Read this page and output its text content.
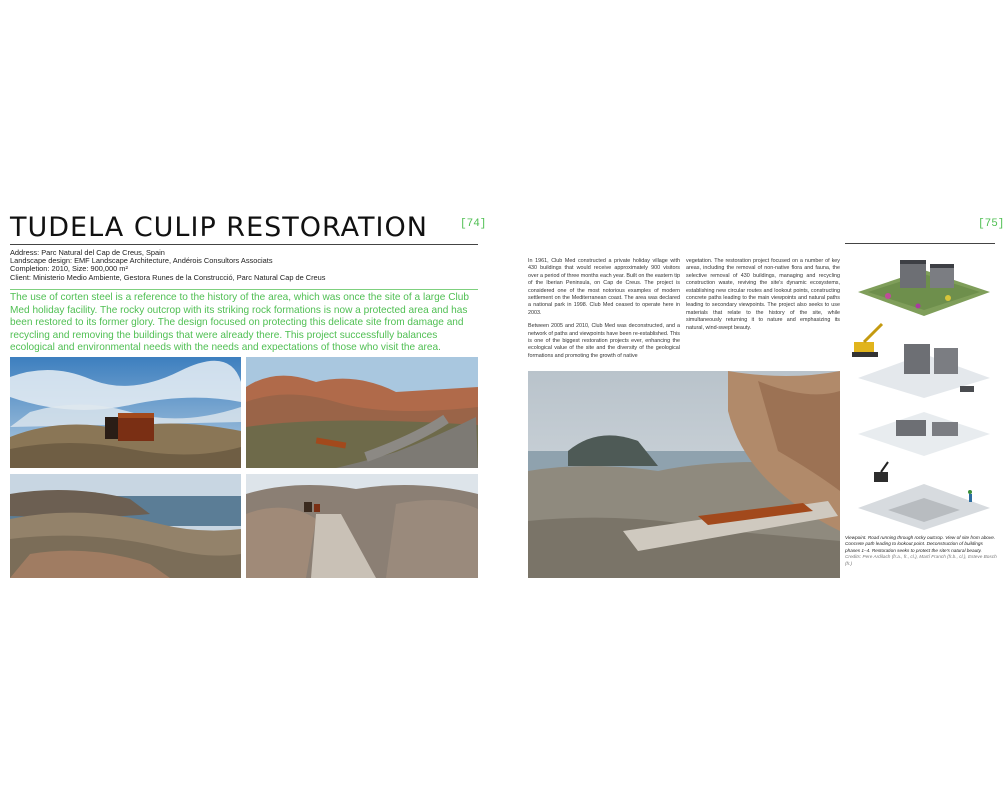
TUDELA CULIP RESTORATION	[74]
Address: Parc Natural del Cap de Creus, Spain
Landscape design: EMF Landscape Architecture, Andérois Consultors Associats
Completion: 2010, Size: 900,000 m²
Client: Ministerio Medio Ambiente, Gestora Runes de la Construcció, Parc Natural Cap de Creus

The use of corten steel is a reference to the history of the area, which was once the site of a large Club Med holiday facility. The rocky outcrop with its striking rock formations is now a protected area and has been restored to its former glory. The design focused on protecting this delicate site from damage and recycling and removing the buildings that were already there. This project successfully balances ecological and environmental needs with the needs and expectations of those who visit the area.

[75]

In 1961, Club Med constructed a private holiday village with 430 buildings that would receive approximately 900 visitors over a period of three months each year. Built on the eastern tip of the Iberian Peninsula, on Cap de Creus. The project is considered one of the most notorious examples of modern settlement on the Mediterranean coast. The area was declared a national park in 1998. Club Med ceased to operate here in 2003.

Between 2005 and 2010, Club Med was deconstructed, and a network of paths and viewpoints have been re-established. This is one of the biggest restoration projects ever, enhancing the ecological value of the site and the diversity of the geological formations and promoting the growth of native

vegetation. The restoration project focused on a number of key areas, including the removal of non-native flora and fauna, the selective removal of 430 buildings, managing and recycling construction waste, reviving the site's dynamic ecosystems, establishing new circular routes and lookout points, constructing concrete paths leading to the main viewpoints and natural paths leading to secondary viewpoints. The project also seeks to use materials that relate to the history of the site, while simultaneously returning it to nature and emphasizing its natural, wind-swept beauty.

Viewpoint. Road running through rocky outcrop. View of site from above. Concrete path leading to lookout point. Deconstruction of buildings phases 1–4. Restoration seeks to protect the site's natural beauty. Credits: Pere Ardilach (fr.a., fr., cl.), Martí Franch (fr.b., cl.), Esteve Bosch (fr.)
